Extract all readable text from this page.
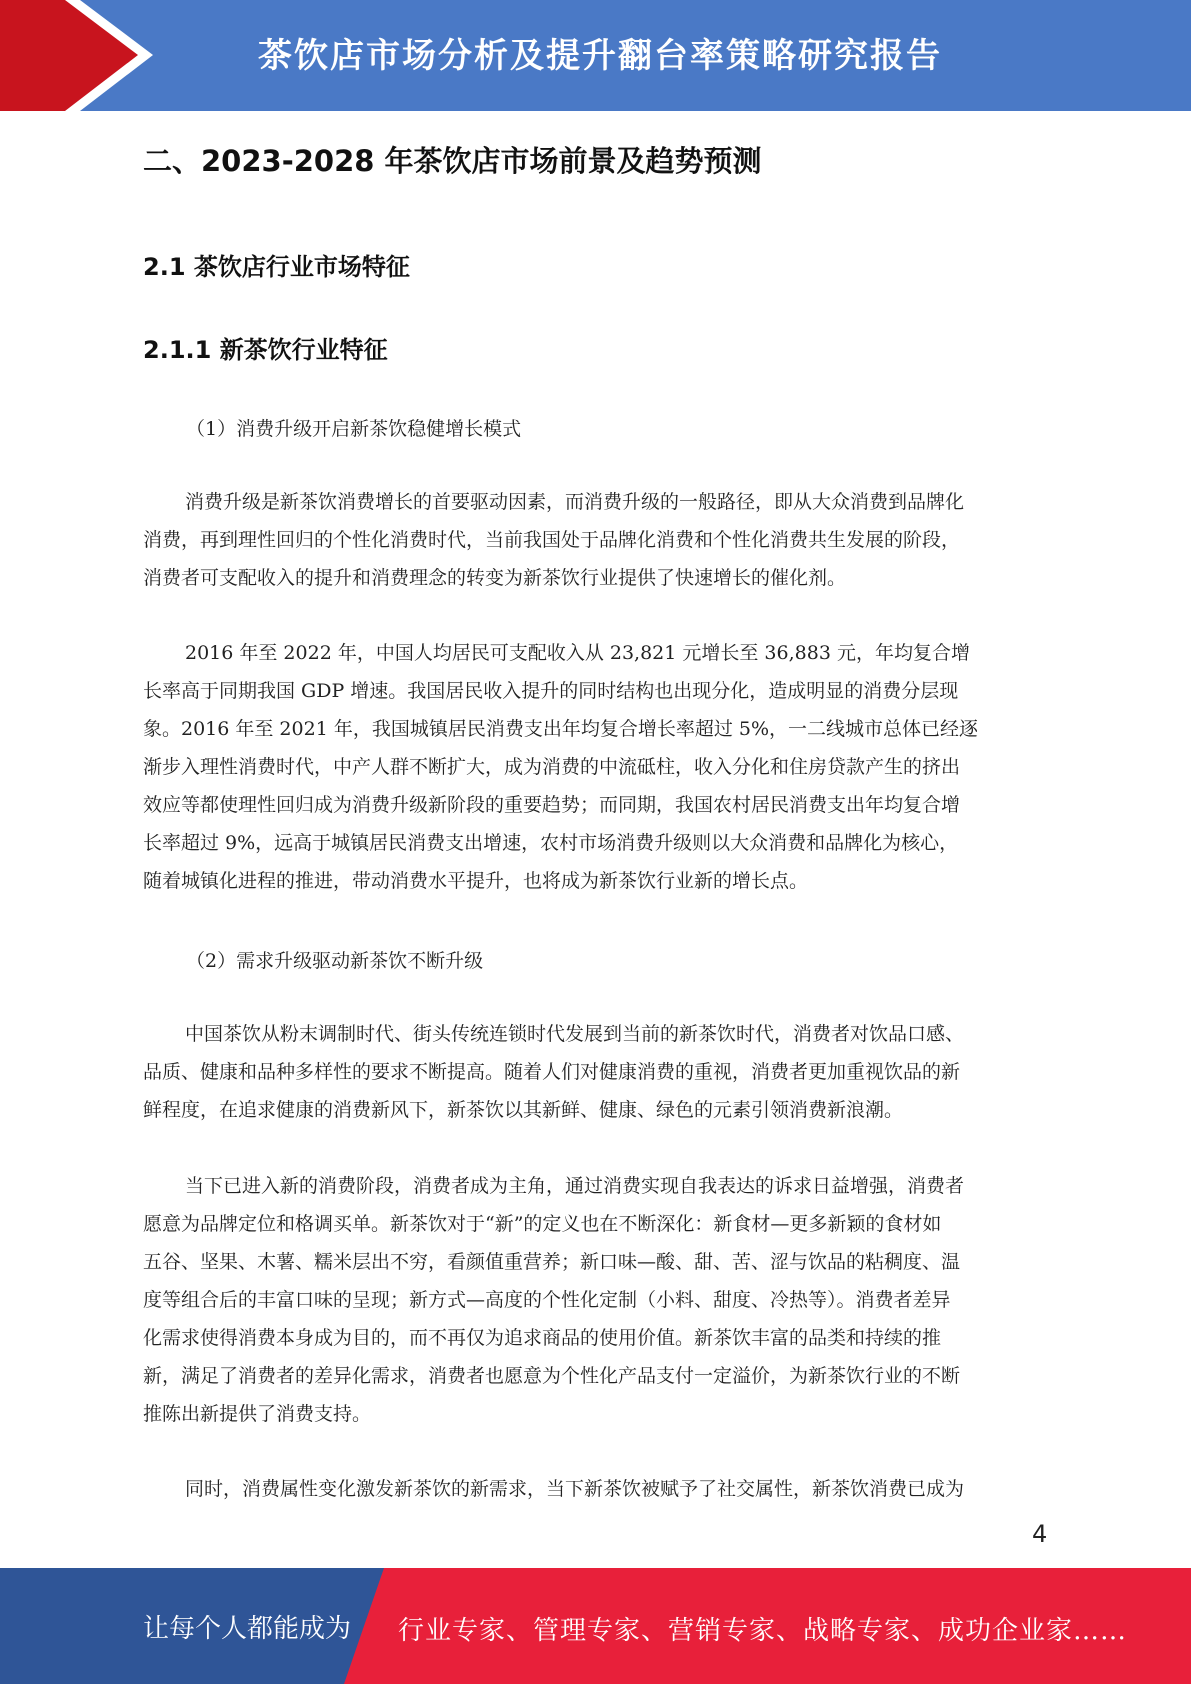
茶饮店市场分析及提升翻台率策略研究报告
二、2023-2028 年茶饮店市场前景及趋势预测
2.1 茶饮店行业市场特征
2.1.1 新茶饮行业特征
（1）消费升级开启新茶饮稳健增长模式
消费升级是新茶饮消费增长的首要驱动因素，而消费升级的一般路径，即从大众消费到品牌化
消费，再到理性回归的个性化消费时代，当前我国处于品牌化消费和个性化消费共生发展的阶段，
消费者可支配收入的提升和消费理念的转变为新茶饮行业提供了快速增长的催化剂。
2016 年至 2022 年，中国人均居民可支配收入从 23,821 元增长至 36,883 元，年均复合增
长率高于同期我国 GDP 增速。我国居民收入提升的同时结构也出现分化，造成明显的消费分层现
象。2016 年至 2021 年，我国城镇居民消费支出年均复合增长率超过 5%，一二线城市总体已经逐
渐步入理性消费时代，中产人群不断扩大，成为消费的中流砥柱，收入分化和住房贷款产生的挤出
效应等都使理性回归成为消费升级新阶段的重要趋势；而同期，我国农村居民消费支出年均复合增
长率超过 9%，远高于城镇居民消费支出增速，农村市场消费升级则以大众消费和品牌化为核心，
随着城镇化进程的推进，带动消费水平提升，也将成为新茶饮行业新的增长点。
（2）需求升级驱动新茶饮不断升级
中国茶饮从粉末调制时代、街头传统连锁时代发展到当前的新茶饮时代，消费者对饮品口感、
品质、健康和品种多样性的要求不断提高。随着人们对健康消费的重视，消费者更加重视饮品的新
鲜程度，在追求健康的消费新风下，新茶饮以其新鲜、健康、绿色的元素引领消费新浪潮。
当下已进入新的消费阶段，消费者成为主角，通过消费实现自我表达的诉求日益增强，消费者
愿意为品牌定位和格调买单。新茶饮对于“新”的定义也在不断深化：新食材—更多新颖的食材如
五谷、坚果、木薯、糯米层出不穷，看颜值重营养；新口味—酸、甜、苦、涩与饮品的粘稠度、温
度等组合后的丰富口味的呈现；新方式—高度的个性化定制（小料、甜度、冷热等）。消费者差异
化需求使得消费本身成为目的，而不再仅为追求商品的使用价值。新茶饮丰富的品类和持续的推
新，满足了消费者的差异化需求，消费者也愿意为个性化产品支付一定溢价，为新茶饮行业的不断
推陈出新提供了消费支持。
同时，消费属性变化激发新茶饮的新需求，当下新茶饮被赋予了社交属性，新茶饮消费已成为
4
让每个人都能成为 行业专家、管理专家、营销专家、战略专家、成功企业家……
